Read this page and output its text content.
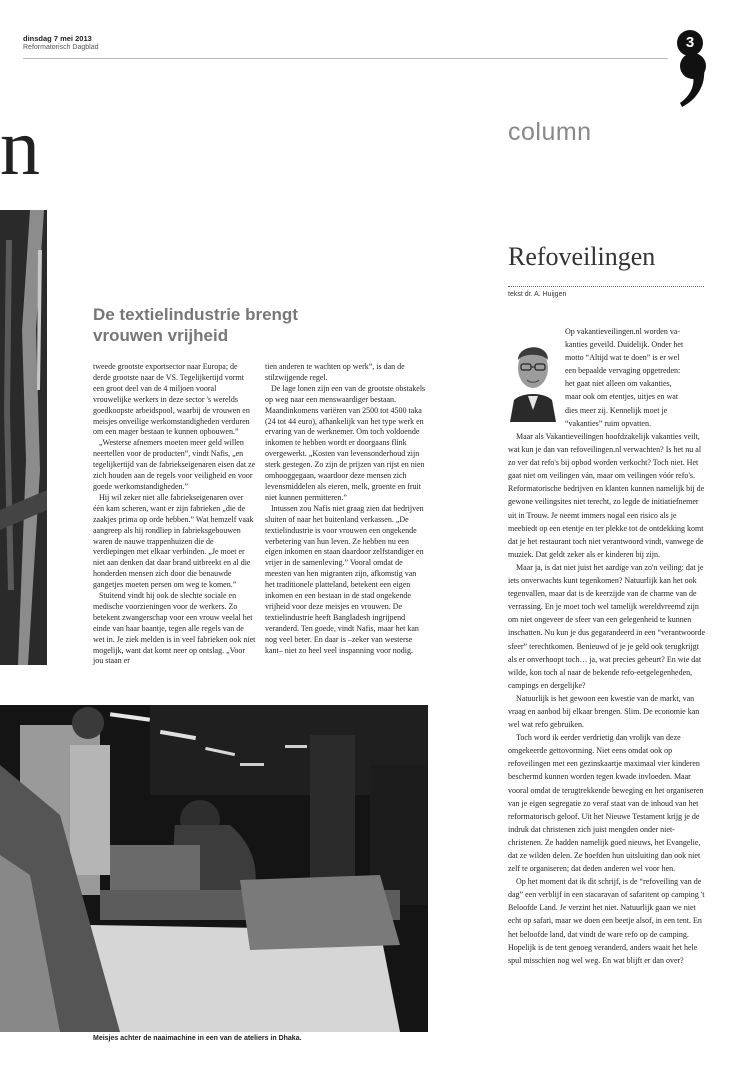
dinsdag 7 mei 2013
Reformatorisch Dagblad	3
n	column
De textielindustrie brengt vrouwen vrijheid

tweede grootste exportsector naar Europa; de derde grootste naar de VS. Tegelijkertijd vormt een groot deel van de 4 miljoen vooral vrouwelijke werkers in deze sector 's werelds goedkoopste arbeidspool, waarbij de vrouwen en meisjes onveilige werkomstandigheden verduren om een mager bestaan te kunnen opbouwen.”

„Westerse afnemers moeten meer geld willen neertellen voor de producten”, vindt Nafis, „en tegelijkertijd van de fabriekseigenaren eisen dat ze zich houden aan de regels voor veiligheid en voor goede werkomstandigheden.”

Hij wil zeker niet alle fabriekseigenaren over één kam scheren, want er zijn fabrieken „die de zaakjes prima op orde hebben.” Wat hemzelf vaak aangreep als hij rondliep in fabrieksgebouwen waren de nauwe trappenhuizen die de verdiepingen met elkaar verbinden. „Je moet er niet aan denken dat daar brand uitbreekt en al die honderden mensen zich door die benauwde gangetjes moeten persen om weg te komen.”

Stuitend vindt hij ook de slechte sociale en medische voorzieningen voor de werkers. Zo betekent zwangerschap voor een vrouw veelal het einde van haar baantje, tegen alle regels van de wet in. Je ziek melden is in veel fabrieken ook niet mogelijk, want dat komt neer op ontslag. „Voor jou staan er

tien anderen te wachten op werk”, is dan de stilzwijgende regel.

De lage lonen zijn een van de grootste obstakels op weg naar een menswaardiger bestaan. Maandinkomens variëren van 2500 tot 4500 taka (24 tot 44 euro), afhankelijk van het type werk en ervaring van de werknemer. Om toch voldoende inkomen te hebben wordt er doorgaans flink overgewerkt. „Kosten van levensonderhoud zijn sterk gestegen. Zo zijn de prijzen van rijst en nien omhooggegaan, waardoor deze mensen zich levensmiddelen als eieren, melk, groente en fruit niet kunnen permitteren.”

Intussen zou Nafis niet graag zien dat bedrijven sluiten of naar het buitenland verkassen. „De textielindustrie is voor vrouwen een ongekende verbetering van hun leven. Ze hebben nu een eigen inkomen en staan daardoor zelfstandiger en vrijer in de samenleving.” Vooral omdat de meesten van hen migranten zijn, afkomstig van het traditionele platteland, betekent een eigen inkomen en een bestaan in de stad ongekende vrijheid voor deze meisjes en vrouwen. De textielindustrie heeft Bangladesh ingrijpend veranderd. Ten goede, vindt Nafis, maar het kan nog veel beter. En daar is –zeker van westerse kant– niet zo heel veel inspanning voor nodig.

Meisjes achter de naaimachine in een van de ateliers in Dhaka.
Refoveilingen
tekst dr. A. Huijgen

Op vakantieveilingen.nl worden va-

kanties geveild. Duidelijk. Onder het

motto “Altijd wat te doen” is er wel

een bepaalde vervaging opgetreden:

het gaat niet alleen om vakanties,

maar ook om etentjes, uitjes en wat

dies meer zij. Kennelijk moet je

“vakanties” ruim opvatten.

Maar als Vakantieveilingen hoofdzakelijk vakanties veilt, wat kun je dan van refoveilingen.nl verwachten? Is het nu al zo ver dat refo's bij opbod worden verkocht? Toch niet. Het gaat niet om veilingen ván, maar om veilingen vóór refo's. Reformatorische bedrijven en klanten kunnen namelijk bij de gewone veilingsites niet terecht, zo legde de initiatiefnemer uit in Trouw. Je neemt immers nogal een risico als je meebiedt op een etentje en ter plekke tot de ontdekking komt dat je het restaurant toch niet verantwoord vindt, vanwege de muziek. Dat geldt zeker als er kinderen bij zijn.

Maar ja, is dat niet juist het aardige van zo'n veiling: dat je iets onverwachts kunt tegenkomen? Natuurlijk kan het ook tegenvallen, maar dat is de keerzijde van de charme van de verrassing. En je moet toch wel tamelijk wereldvreemd zijn om niet ongeveer de sfeer van een gelegenheid te kunnen inschatten. Nu kun je dus gegarandeerd in een “verantwoorde sfeer” terechtkomen. Benieuwd of je je geld ook terugkrijgt als er onverhoopt toch… ja, wat precies gebeurt? En wie dat wilde, kon toch al naar de bekende refo-eetgelegenheden, campings en dergelijke?

Natuurlijk is het gewoon een kwestie van de markt, van vraag en aanbod bij elkaar brengen. Slim. De economie kan wel wat refo gebruiken.

Toch word ik eerder verdrietig dan vrolijk van deze omgekeerde gettovorming. Niet eens omdat ook op refoveilingen met een gezinskaartje maximaal vier kinderen beschermd kunnen worden tegen kwade invloeden. Maar vooral omdat de terugtrekkende beweging en het organiseren van je eigen segregatie zo veraf staat van de inhoud van het reformatorisch geloof. Uit het Nieuwe Testament krijg je de indruk dat christenen zich juist mengden onder niet-christenen. Ze hadden namelijk goed nieuws, het Evangelie, dat ze wilden delen. Ze hoefden hun uitsluiting dan ook niet zelf te organiseren; dat deden anderen wel voor hen.

Op het moment dat ik dit schrijf, is de “refoveiling van de dag” een verblijf in een stacaravan of safaritent op camping 't Beloofde Land. Je verzint het niet. Natuurlijk gaan we niet echt op safari, maar we doen een beetje alsof, in een tent. En het beloofde land, dat vindt de ware refo op de camping. Hopelijk is de tent genoeg veranderd, anders waait het hele spul misschien nog wel weg. En wat blijft er dan over?
